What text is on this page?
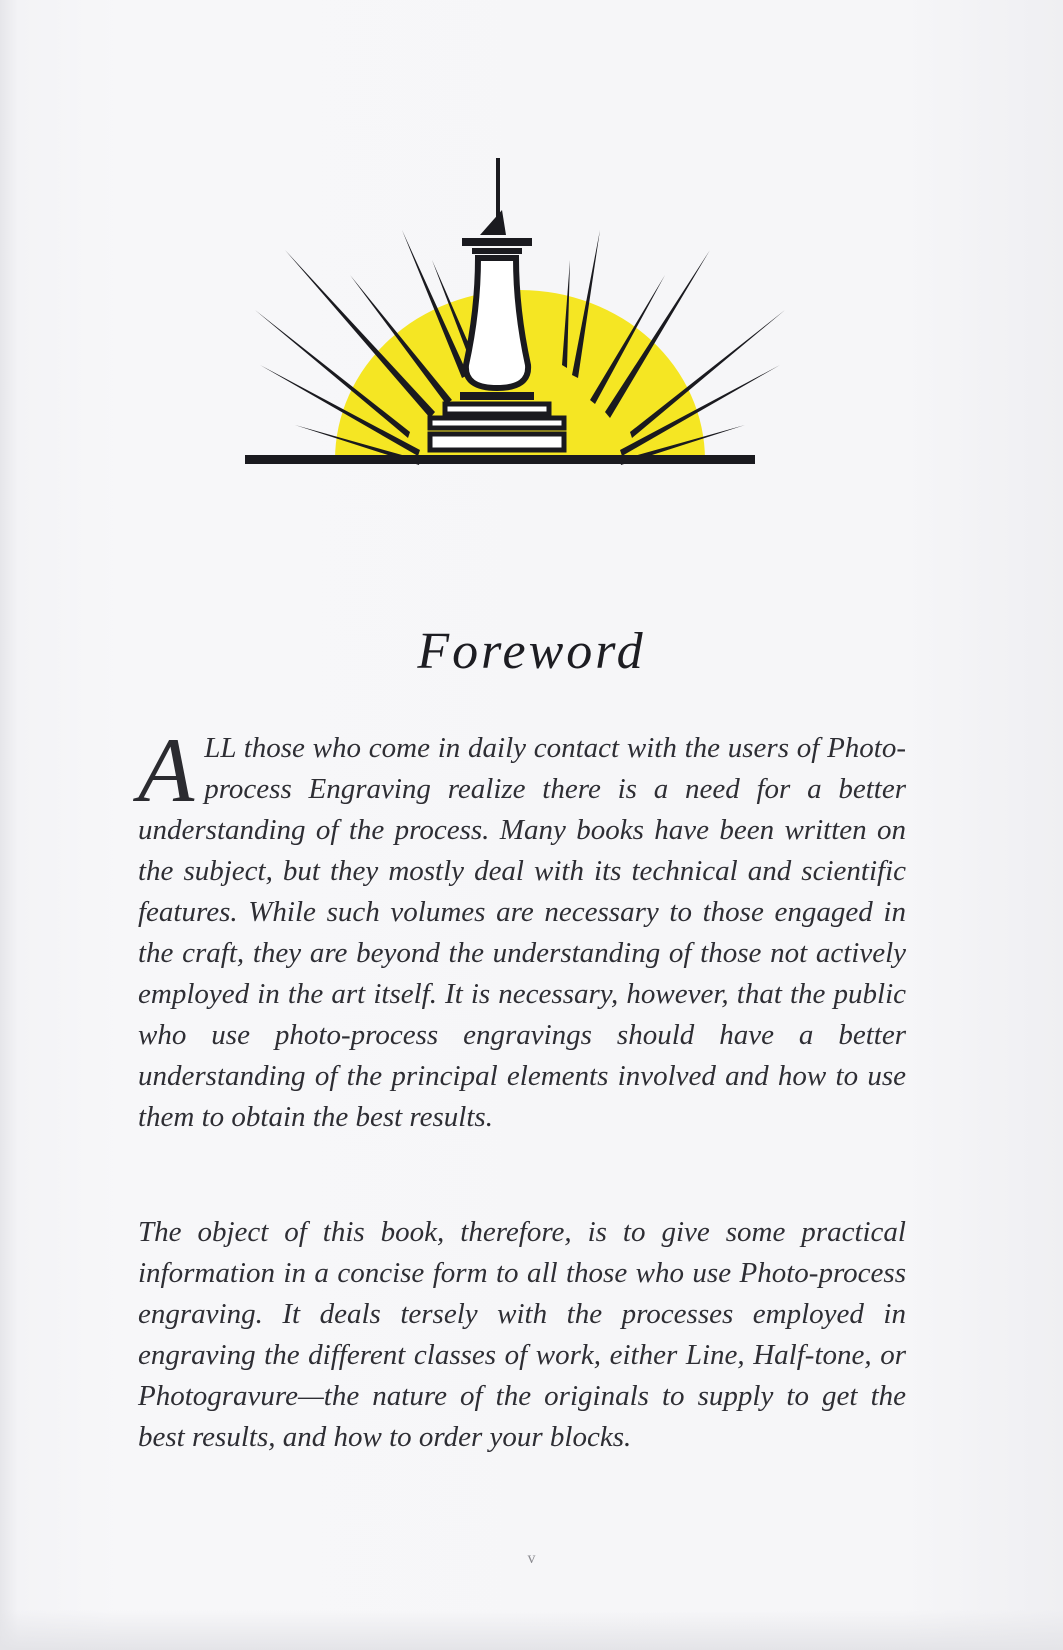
Foreword
ALL those who come in daily contact with the users of Photo-process Engraving realize there is a need for a better understanding of the process. Many books have been written on the subject, but they mostly deal with its technical and scientific features. While such volumes are necessary to those engaged in the craft, they are beyond the understanding of those not actively employed in the art itself. It is necessary, however, that the public who use photo-process engravings should have a better understanding of the principal elements involved and how to use them to obtain the best results.
The object of this book, therefore, is to give some practical information in a concise form to all those who use Photo-process engraving. It deals tersely with the processes employed in engraving the different classes of work, either Line, Half-tone, or Photogravure—the nature of the originals to supply to get the best results, and how to order your blocks.
v
